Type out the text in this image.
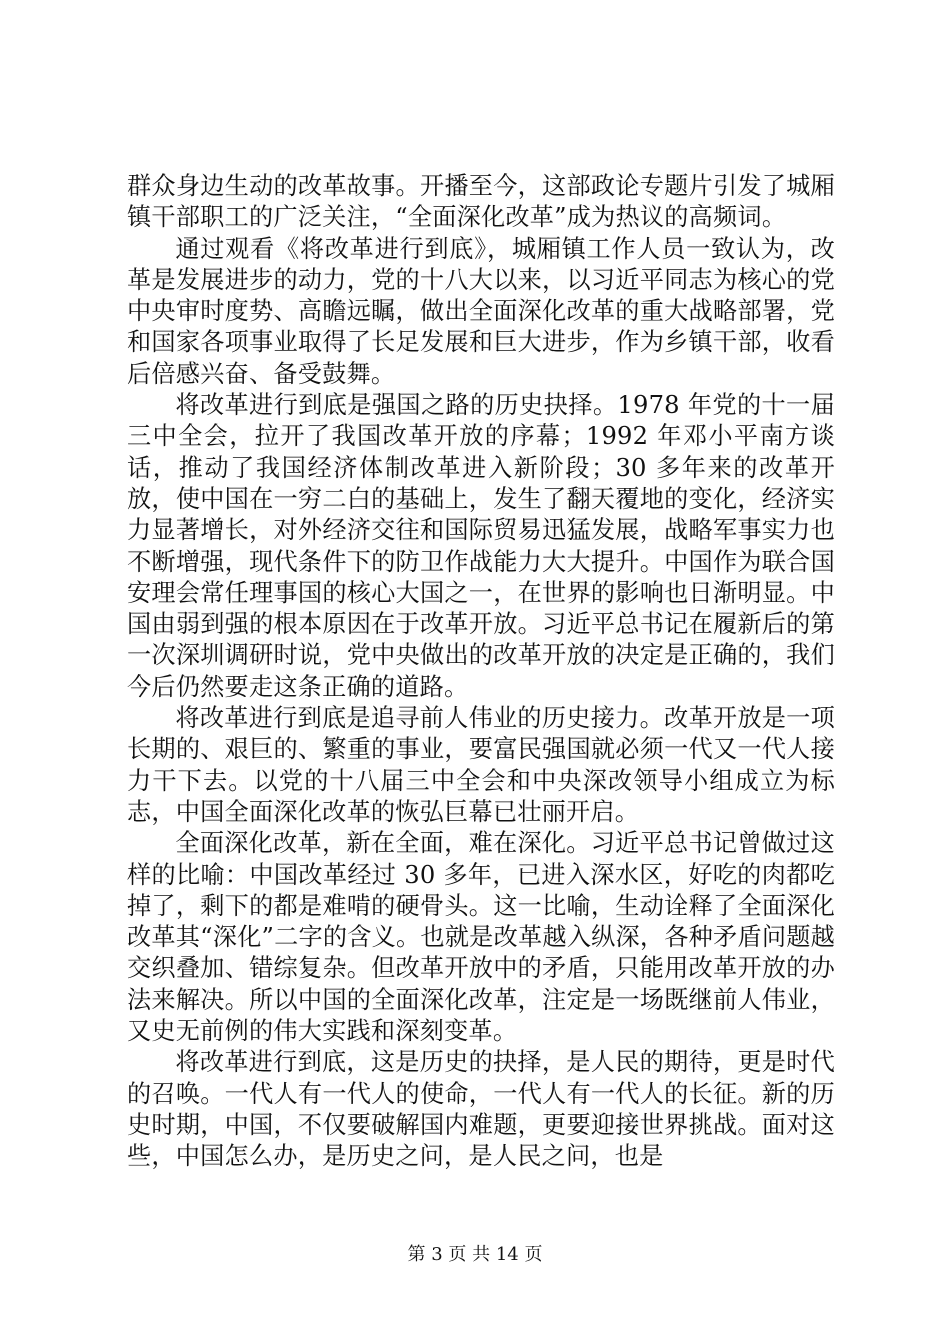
群众身边生动的改革故事。开播至今，这部政论专题片引发了城厢镇干部职工的广泛关注，“全面深化改革”成为热议的高频词。

通过观看《将改革进行到底》，城厢镇工作人员一致认为，改革是发展进步的动力，党的十八大以来，以习近平同志为核心的党中央审时度势、高瞻远瞩，做出全面深化改革的重大战略部署，党和国家各项事业取得了长足发展和巨大进步，作为乡镇干部，收看后倍感兴奋、备受鼓舞。

将改革进行到底是强国之路的历史抉择。1978 年党的十一届三中全会，拉开了我国改革开放的序幕；1992 年邓小平南方谈话，推动了我国经济体制改革进入新阶段；30 多年来的改革开放，使中国在一穷二白的基础上，发生了翻天覆地的变化，经济实力显著增长，对外经济交往和国际贸易迅猛发展，战略军事实力也不断增强，现代条件下的防卫作战能力大大提升。中国作为联合国安理会常任理事国的核心大国之一，在世界的影响也日渐明显。中国由弱到强的根本原因在于改革开放。习近平总书记在履新后的第一次深圳调研时说，党中央做出的改革开放的决定是正确的，我们今后仍然要走这条正确的道路。

将改革进行到底是追寻前人伟业的历史接力。改革开放是一项长期的、艰巨的、繁重的事业，要富民强国就必须一代又一代人接力干下去。以党的十八届三中全会和中央深改领导小组成立为标志，中国全面深化改革的恢弘巨幕已壮丽开启。

全面深化改革，新在全面，难在深化。习近平总书记曾做过这样的比喻：中国改革经过 30 多年，已进入深水区，好吃的肉都吃掉了，剩下的都是难啃的硬骨头。这一比喻，生动诠释了全面深化改革其“深化”二字的含义。也就是改革越入纵深，各种矛盾问题越交织叠加、错综复杂。但改革开放中的矛盾，只能用改革开放的办法来解决。所以中国的全面深化改革，注定是一场既继前人伟业，又史无前例的伟大实践和深刻变革。

将改革进行到底，这是历史的抉择，是人民的期待，更是时代的召唤。一代人有一代人的使命，一代人有一代人的长征。新的历史时期，中国，不仅要破解国内难题，更要迎接世界挑战。面对这些，中国怎么办，是历史之问，是人民之问，也是

第 3 页 共 14 页
